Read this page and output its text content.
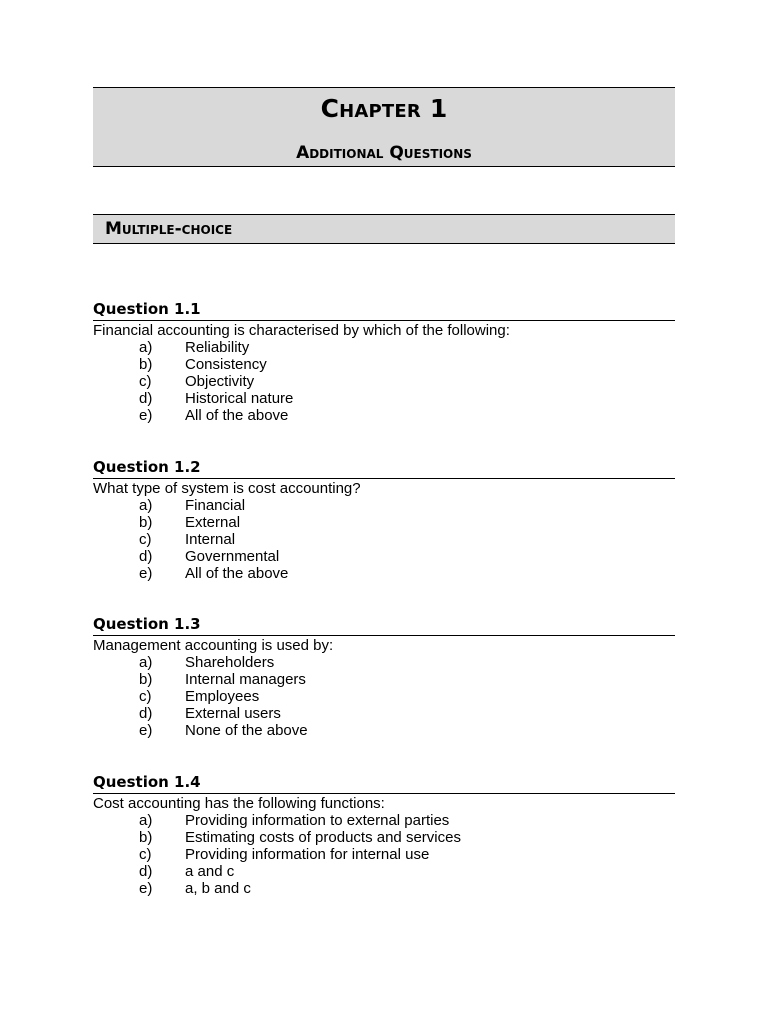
Chapter 1
Additional Questions
Multiple-choice
Question 1.1
Financial accounting is characterised by which of the following:
a) Reliability
b) Consistency
c) Objectivity
d) Historical nature
e) All of the above
Question 1.2
What type of system is cost accounting?
a) Financial
b) External
c) Internal
d) Governmental
e) All of the above
Question 1.3
Management accounting is used by:
a) Shareholders
b) Internal managers
c) Employees
d) External users
e) None of the above
Question 1.4
Cost accounting has the following functions:
a) Providing information to external parties
b) Estimating costs of products and services
c) Providing information for internal use
d) a and c
e) a, b and c
